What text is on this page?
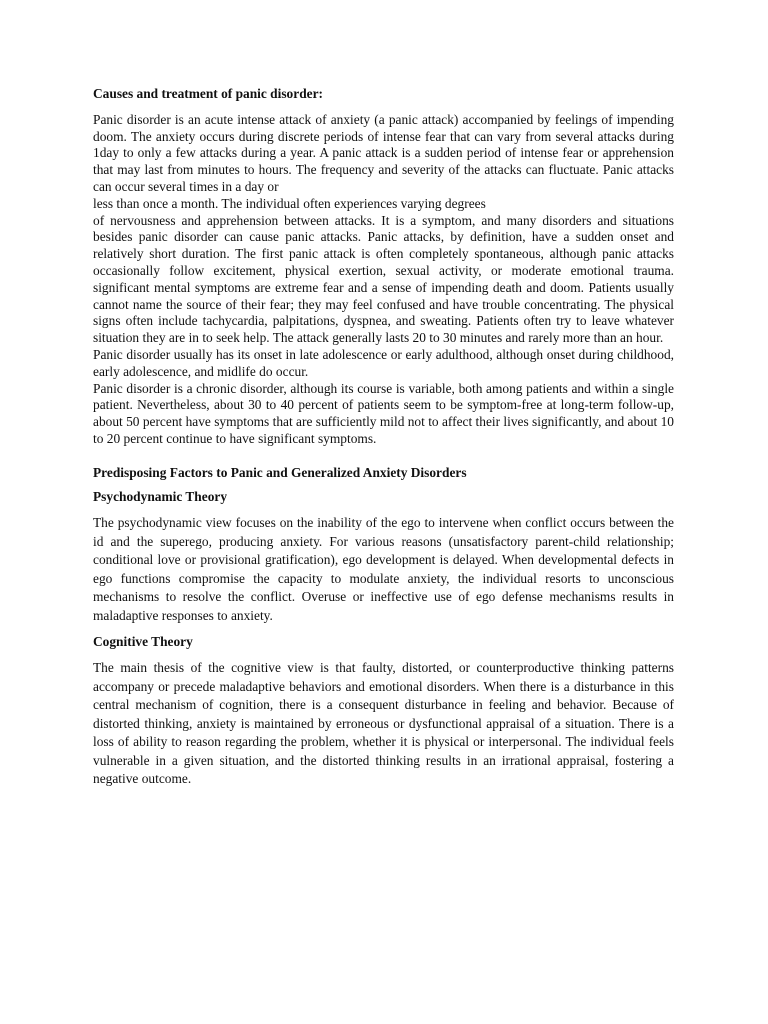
Causes and treatment of panic disorder:

Panic disorder is an acute intense attack of anxiety (a panic attack) accompanied by feelings of impending doom. The anxiety occurs during discrete periods of intense fear that can vary from several attacks during 1day to only a few attacks during a year. A panic attack is a sudden period of intense fear or apprehension that may last from minutes to hours. The frequency and severity of the attacks can fluctuate. Panic attacks can occur several times in a day or

less than once a month. The individual often experiences varying degrees

of nervousness and apprehension between attacks. It is a symptom, and many disorders and situations besides panic disorder can cause panic attacks. Panic attacks, by definition, have a sudden onset and relatively short duration. The first panic attack is often completely spontaneous, although panic attacks occasionally follow excitement, physical exertion, sexual activity, or moderate emotional trauma. significant mental symptoms are extreme fear and a sense of impending death and doom. Patients usually cannot name the source of their fear; they may feel confused and have trouble concentrating. The physical signs often include tachycardia, palpitations, dyspnea, and sweating. Patients often try to leave whatever situation they are in to seek help. The attack generally lasts 20 to 30 minutes and rarely more than an hour.

Panic disorder usually has its onset in late adolescence or early adulthood, although onset during childhood, early adolescence, and midlife do occur.

Panic disorder is a chronic disorder, although its course is variable, both among patients and within a single patient. Nevertheless, about 30 to 40 percent of patients seem to be symptom-free at long-term follow-up, about 50 percent have symptoms that are sufficiently mild not to affect their lives significantly, and about 10 to 20 percent continue to have significant symptoms.

Predisposing Factors to Panic and Generalized Anxiety Disorders

Psychodynamic Theory

The psychodynamic view focuses on the inability of the ego to intervene when conflict occurs between the id and the superego, producing anxiety. For various reasons (unsatisfactory parent-child relationship; conditional love or provisional gratification), ego development is delayed. When developmental defects in ego functions compromise the capacity to modulate anxiety, the individual resorts to unconscious mechanisms to resolve the conflict. Overuse or ineffective use of ego defense mechanisms results in maladaptive responses to anxiety.

Cognitive Theory

The main thesis of the cognitive view is that faulty, distorted, or counterproductive thinking patterns accompany or precede maladaptive behaviors and emotional disorders. When there is a disturbance in this central mechanism of cognition, there is a consequent disturbance in feeling and behavior. Because of distorted thinking, anxiety is maintained by erroneous or dysfunctional appraisal of a situation. There is a loss of ability to reason regarding the problem, whether it is physical or interpersonal. The individual feels vulnerable in a given situation, and the distorted thinking results in an irrational appraisal, fostering a negative outcome.
